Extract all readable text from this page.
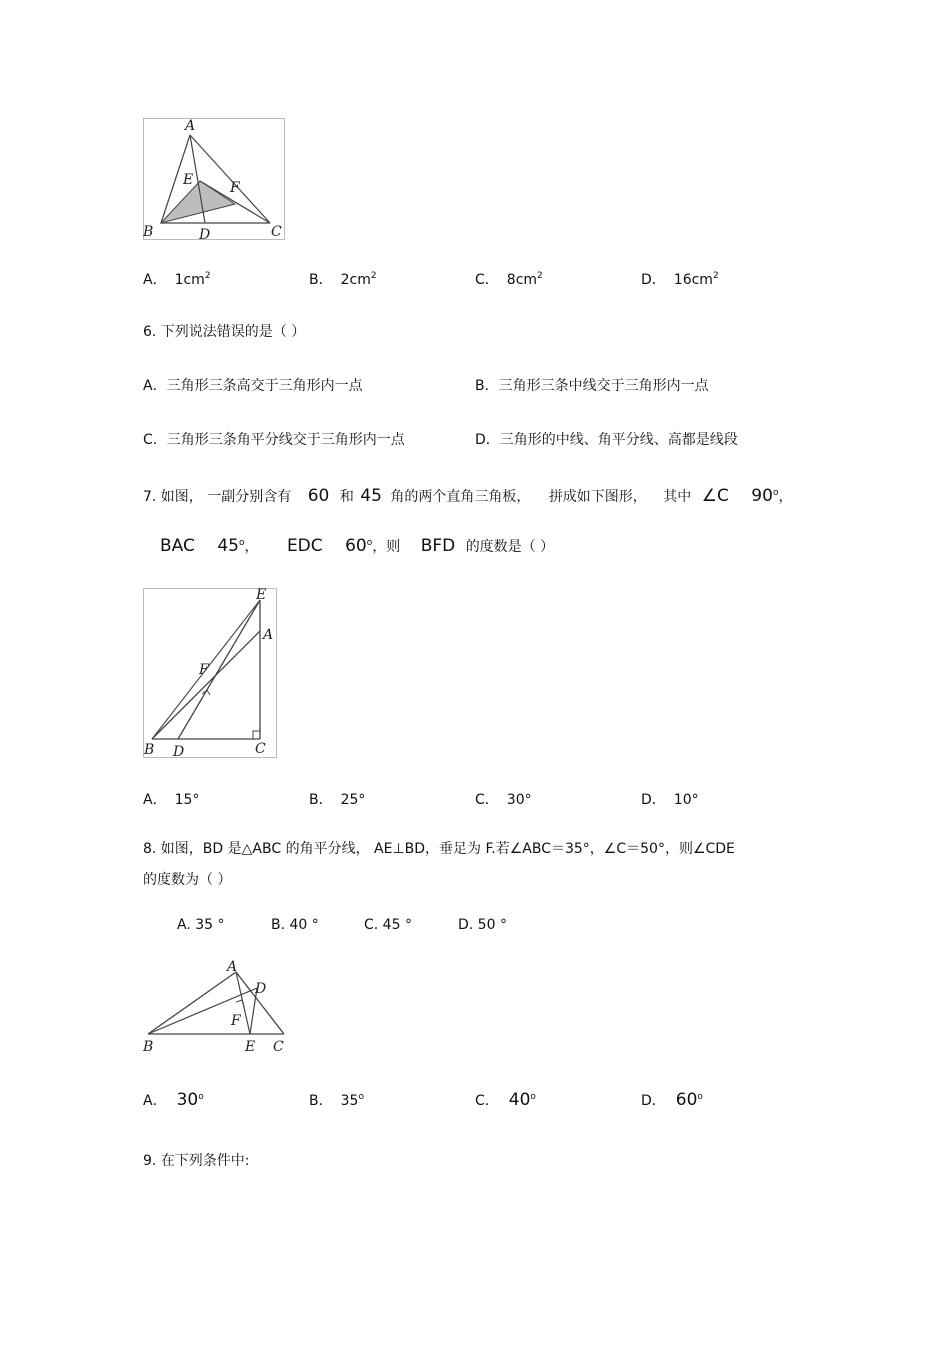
A
E	F
B	D	C
A． $1cm^2$	B． $2cm^2$	C． $8cm^2$	D． $16cm^2$
6. 下列说法错误的是（ ）
A．三角形三条高交于三角形内一点	B．三角形三条中线交于三角形内一点
C．三角形三条角平分线交于三角形内一点	D．三角形的中线、角平分线、高都是线段
7. 如图， 一副分别含有 60 和 45 角的两个直角三角板， 拼成如下图形， 其中 ∠C 90$^o$，
BAC 45$^o$， EDC 60$^o$，则 BFD 的度数是（ ）
E
A
F
B D	C
A． 15°	B． 25°	C． 30°	D． 10°
8. 如图，BD 是△ABC 的角平分线， AE⊥BD，垂足为 F.若∠ABC＝35°，∠C＝50°，则∠CDE
的度数为（ ）
A. 35 °	B. 40 °	C. 45 °	D. 50 °
A
D
F
B	E C
A． 30$^o$	B． 35$^o$	C． 40$^o$	D． 60$^o$
9. 在下列条件中:
